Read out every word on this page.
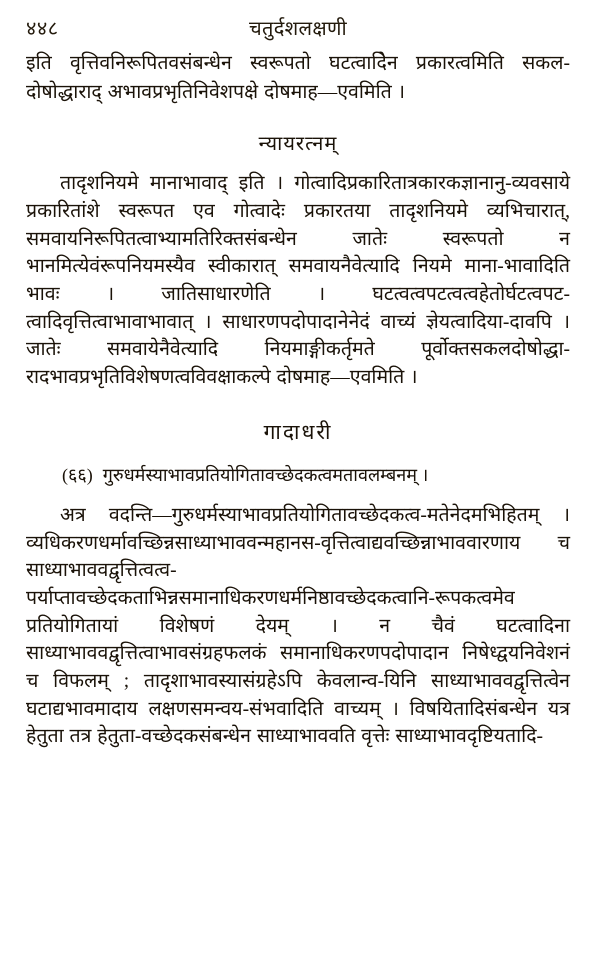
४४८	चतुर्दशलक्षणी

इति वृत्तिवनिरूपितवसंबन्धेन स्वरूपतो घटत्वादेिन प्रकारत्वमिति सकल-दोषोद्धाराद् अभावप्रभृतिनिवेशपक्षे दोषमाह––एवमिति ।

न्यायरत्नम्

तादृशनियमे मानाभावाद् इति । गोत्वादिप्रकारितात्रकारकज्ञानानु-व्यवसाये प्रकारितांशे स्वरूपत एव गोत्वादेः प्रकारतया तादृशनियमे व्यभिचारात्, समवायनिरूपितत्वाभ्यामतिरिक्तसंबन्धेन जातेः स्वरूपतो न भानमित्येवंरूपनियमस्यैव स्वीकारात् समवायनैवेत्यादि नियमे माना-भावादिति भावः । जातिसाधारणेति । घटत्वत्वपटत्वत्वहेतोर्घटत्वपट-त्वादिवृत्तित्वाभावाभावात् । साधारणपदोपादानेनेदं वाच्यं ज्ञेयत्वादिया-दावपि । जातेः समवायेनैवेत्यादि नियमाङ्गीकर्तृमते पूर्वोक्तसकलदोषोद्धा-रादभावप्रभृतिविशेषणत्वविवक्षाकल्पे दोषमाह––एवमिति ।

गादाधरी

(६६) गुरुधर्मस्याभावप्रतियोगितावच्छेदकत्वमतावलम्बनम् ।

अत्र वदन्ति––गुरुधर्मस्याभावप्रतियोगितावच्छेदकत्व-मतेनेदमभिहितम् । व्यधिकरणधर्मावच्छिन्नसाध्याभाववन्महानस-वृत्तित्वाद्यवच्छिन्नाभाववारणाय च साध्याभाववद्वृत्तित्वत्व-पर्याप्तावच्छेदकताभिन्नसमानाधिकरणधर्मनिष्ठावच्छेदकत्वानि-रूपकत्वमेव प्रतियोगितायां विशेषणं देयम् । न चैवं घटत्वादिना साध्याभाववद्वृत्तित्वाभावसंग्रहफलकं समानाधिकरणपदोपादान निषेध्द्वयनिवेशनं च विफलम् ; तादृशाभावस्यासंग्रहेऽपि केवलान्व-यिनि साध्याभाववद्वृत्तित्वेन घटाद्यभावमादाय लक्षणसमन्वय-संभवादिति वाच्यम् । विषयितादिसंबन्धेन यत्र हेतुता तत्र हेतुता-वच्छेदकसंबन्धेन साध्याभाववति वृत्तेः साध्याभावदृष्टियतादि-
